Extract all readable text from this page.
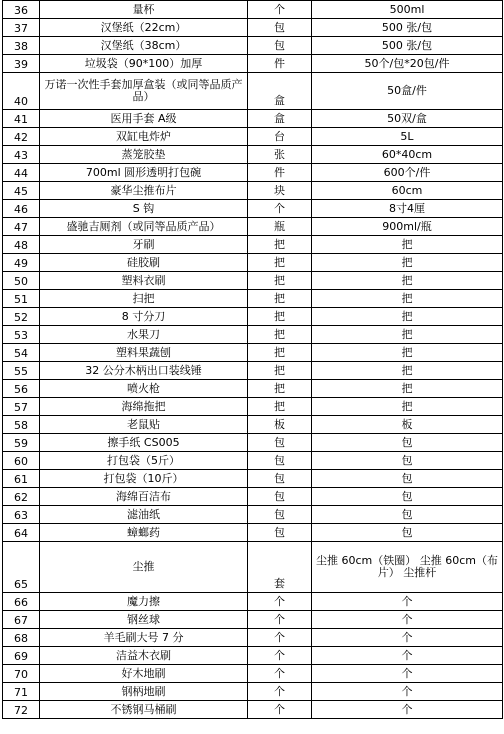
36	量杯	个	500ml
37	汉堡纸（22cm）	包	500 张/包
38	汉堡纸（38cm）	包	500 张/包
39	垃圾袋（90*100）加厚	件	50个/包*20包/件
40	万诺一次性手套加厚盒装（或同等品质产品）	盒	50盒/件
41	医用手套 A级	盒	50双/盒
42	双缸电炸炉	台	5L
43	蒸笼胶垫	张	60*40cm
44	700ml 圆形透明打包碗	件	600个/件
45	豪华尘推布片	块	60cm
46	S 钩	个	8寸4厘
47	盛驰吉厕剂（或同等品质产品）	瓶	900ml/瓶
48	牙刷	把	把
49	硅胶刷	把	把
50	塑料衣刷	把	把
51	扫把	把	把
52	8 寸分刀	把	把
53	水果刀	把	把
54	塑料果蔬刨	把	把
55	32 公分木柄出口装线锤	把	把
56	喷火枪	把	把
57	海绵拖把	把	把
58	老鼠贴	板	板
59	擦手纸 CS005	包	包
60	打包袋（5斤）	包	包
61	打包袋（10斤）	包	包
62	海绵百洁布	包	包
63	滤油纸	包	包
64	蟑螂药	包	包
65	尘推	套	尘推 60cm（铁圈） 尘推 60cm（布片） 尘推杆
66	魔力擦	个	个
67	钢丝球	个	个
68	羊毛刷大号 7 分	个	个
69	洁益木衣刷	个	个
70	好木地刷	个	个
71	钢柄地刷	个	个
72	不锈钢马桶刷	个	个
